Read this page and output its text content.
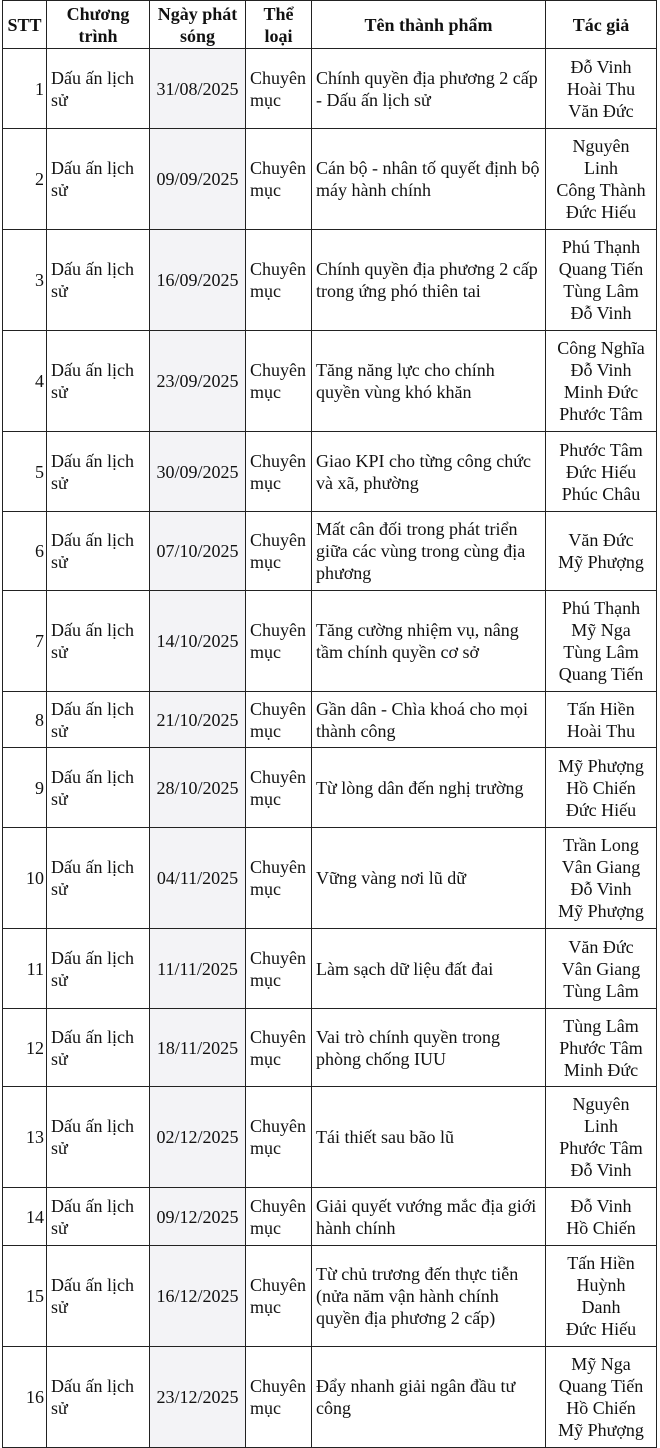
STT	Chương trình	Ngày phát sóng	Thể loại	Tên thành phẩm	Tác giả
1	Dấu ấn lịch sử	31/08/2025	Chuyên mục	Chính quyền địa phương 2 cấp - Dấu ấn lịch sử	Đỗ Vinh
Hoài Thu
Văn Đức

2	Dấu ấn lịch sử	09/09/2025	Chuyên mục	Cán bộ - nhân tố quyết định bộ máy hành chính	Nguyên
Linh
Công Thành
Đức Hiếu

3	Dấu ấn lịch sử	16/09/2025	Chuyên mục	Chính quyền địa phương 2 cấp trong ứng phó thiên tai	Phú Thạnh
Quang Tiến
Tùng Lâm
Đỗ Vinh

4	Dấu ấn lịch sử	23/09/2025	Chuyên mục	Tăng năng lực cho chính quyền vùng khó khăn	Công Nghĩa
Đỗ Vinh
Minh Đức
Phước Tâm

5	Dấu ấn lịch sử	30/09/2025	Chuyên mục	Giao KPI cho từng công chức và xã, phường	Phước Tâm
Đức Hiếu
Phúc Châu

6	Dấu ấn lịch sử	07/10/2025	Chuyên mục	Mất cân đối trong phát triển giữa các vùng trong cùng địa phương	Văn Đức
Mỹ Phượng

7	Dấu ấn lịch sử	14/10/2025	Chuyên mục	Tăng cường nhiệm vụ, nâng tầm chính quyền cơ sở	Phú Thạnh
Mỹ Nga
Tùng Lâm
Quang Tiến

8	Dấu ấn lịch sử	21/10/2025	Chuyên mục	Gần dân - Chìa khoá cho mọi thành công	Tấn Hiền
Hoài Thu

9	Dấu ấn lịch sử	28/10/2025	Chuyên mục	Từ lòng dân đến nghị trường	Mỹ Phượng
Hồ Chiến
Đức Hiếu

10	Dấu ấn lịch sử	04/11/2025	Chuyên mục	Vững vàng nơi lũ dữ	Trần Long
Vân Giang
Đỗ Vinh
Mỹ Phượng

11	Dấu ấn lịch sử	11/11/2025	Chuyên mục	Làm sạch dữ liệu đất đai	Văn Đức
Vân Giang
Tùng Lâm

12	Dấu ấn lịch sử	18/11/2025	Chuyên mục	Vai trò chính quyền trong phòng chống IUU	Tùng Lâm
Phước Tâm
Minh Đức

13	Dấu ấn lịch sử	02/12/2025	Chuyên mục	Tái thiết sau bão lũ	Nguyên
Linh
Phước Tâm
Đỗ Vinh

14	Dấu ấn lịch sử	09/12/2025	Chuyên mục	Giải quyết vướng mắc địa giới hành chính	Đỗ Vinh
Hồ Chiến

15	Dấu ấn lịch sử	16/12/2025	Chuyên mục	Từ chủ trương đến thực tiễn (nửa năm vận hành chính quyền địa phương 2 cấp)	Tấn Hiền
Huỳnh
Danh
Đức Hiếu

16	Dấu ấn lịch sử	23/12/2025	Chuyên mục	Đẩy nhanh giải ngân đầu tư công	Mỹ Nga
Quang Tiến
Hồ Chiến
Mỹ Phượng
